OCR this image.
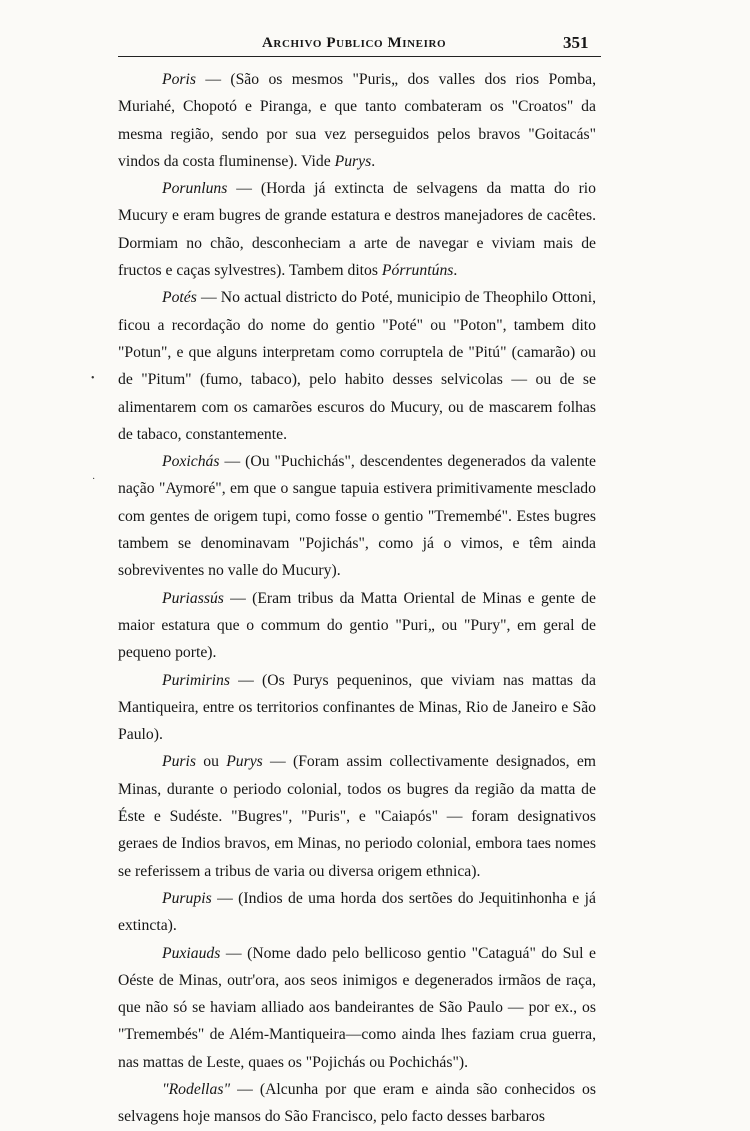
Archivo Publico Mineiro	351
•
·

Poris — (São os mesmos "Puris„ dos valles dos rios Pomba, Muriahé, Chopotó e Piranga, e que tanto combateram os "Croatos" da mesma região, sendo por sua vez perseguidos pelos bravos "Goitacás" vindos da costa fluminense). Vide Purys.

Porunluns — (Horda já extincta de selvagens da matta do rio Mucury e eram bugres de grande estatura e destros manejadores de cacêtes. Dormiam no chão, desconheciam a arte de navegar e viviam mais de fructos e caças sylvestres). Tambem ditos Pórruntúns.

Potés — No actual districto do Poté, municipio de Theophilo Ottoni, ficou a recordação do nome do gentio "Poté" ou "Poton", tambem dito "Potun", e que alguns interpretam como corruptela de "Pitú" (camarão) ou de "Pitum" (fumo, tabaco), pelo habito desses selvicolas — ou de se alimentarem com os camarões escuros do Mucury, ou de mascarem folhas de tabaco, constantemente.

Poxichás — (Ou "Puchichás", descendentes degenerados da valente nação "Aymoré", em que o sangue tapuia estivera primitivamente mesclado com gentes de origem tupi, como fosse o gentio "Tremembé". Estes bugres tambem se denominavam "Pojichás", como já o vimos, e têm ainda sobreviventes no valle do Mucury).

Puriassús — (Eram tribus da Matta Oriental de Minas e gente de maior estatura que o commum do gentio "Puri„ ou "Pury", em geral de pequeno porte).

Purimirins — (Os Purys pequeninos, que viviam nas mattas da Mantiqueira, entre os territorios confinantes de Minas, Rio de Janeiro e São Paulo).

Puris ou Purys — (Foram assim collectivamente designados, em Minas, durante o periodo colonial, todos os bugres da região da matta de Éste e Sudéste. "Bugres", "Puris", e "Caiapós" — foram designativos geraes de Indios bravos, em Minas, no periodo colonial, embora taes nomes se referissem a tribus de varia ou diversa origem ethnica).

Purupis — (Indios de uma horda dos sertões do Jequitinhonha e já extincta).

Puxiauds — (Nome dado pelo bellicoso gentio "Cataguá" do Sul e Oéste de Minas, outr'ora, aos seos inimigos e degenerados irmãos de raça, que não só se haviam alliado aos bandeirantes de São Paulo — por ex., os "Tremembés" de Além-Mantiqueira—como ainda lhes faziam crua guerra, nas mattas de Leste, quaes os "Pojichás ou Pochichás").

"Rodellas" — (Alcunha por que eram e ainda são conhecidos os selvagens hoje mansos do São Francisco, pelo facto desses barbaros
